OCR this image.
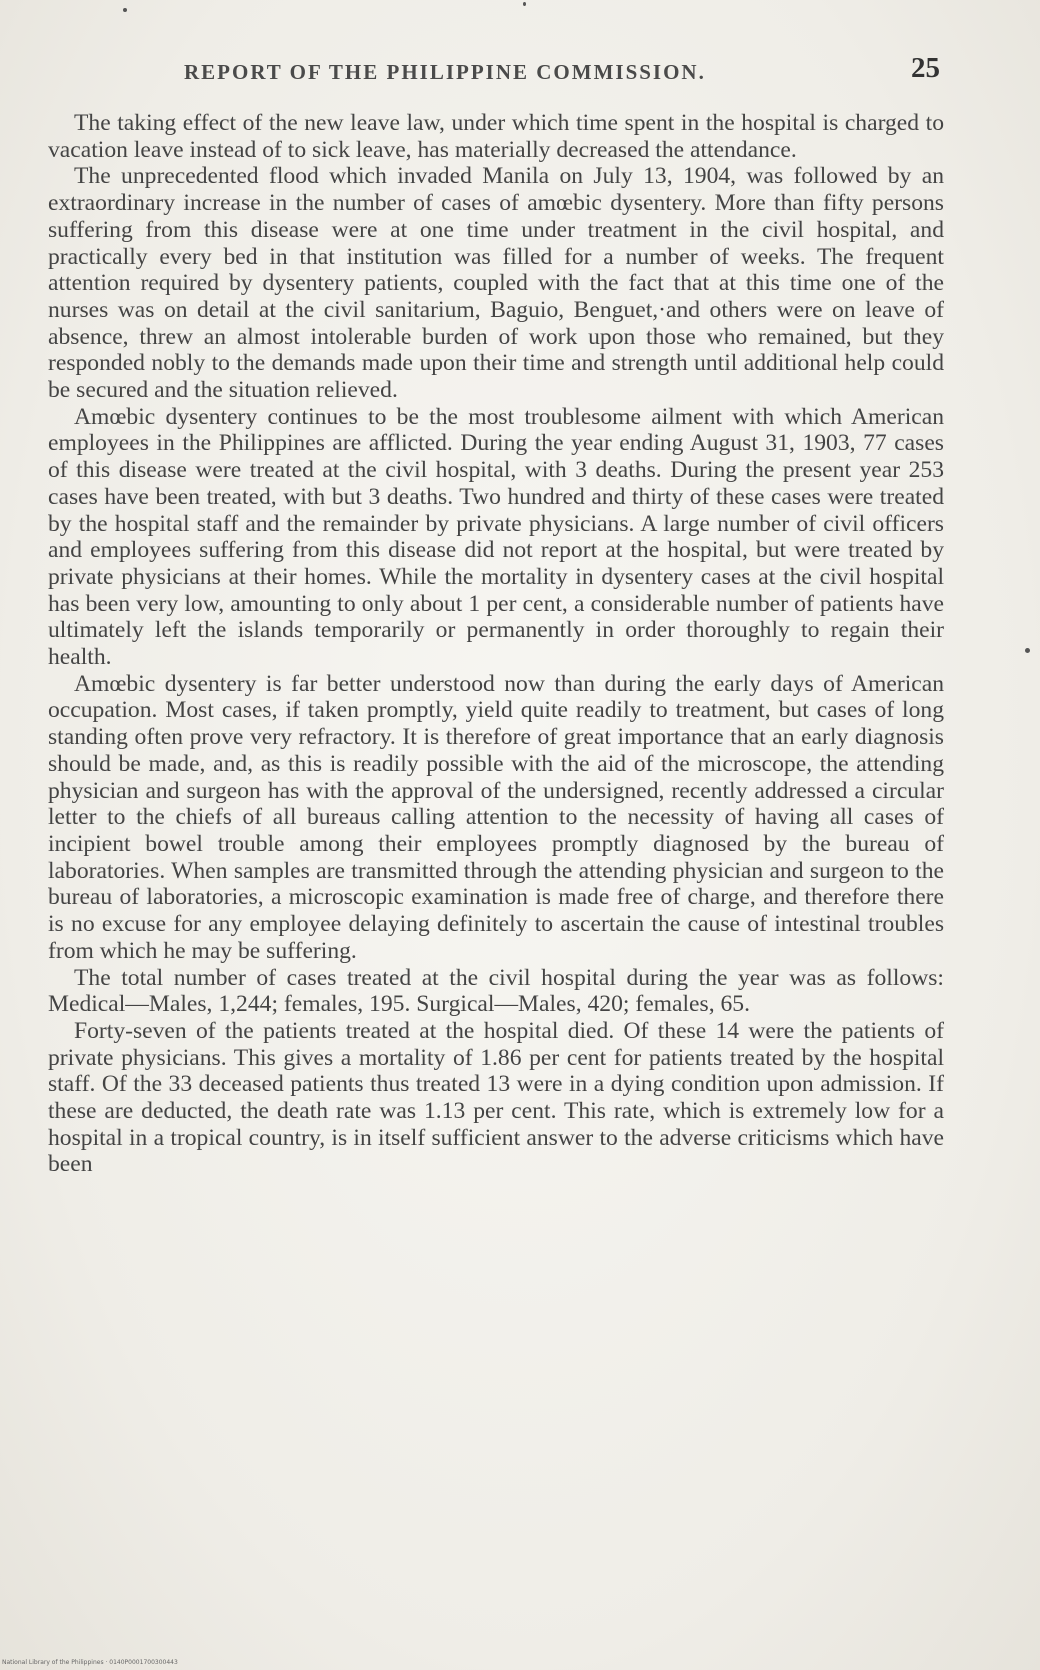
REPORT OF THE PHILIPPINE COMMISSION.	25

The taking effect of the new leave law, under which time spent in the hospital is charged to vacation leave instead of to sick leave, has materially decreased the attendance.

The unprecedented flood which invaded Manila on July 13, 1904, was followed by an extraordinary increase in the number of cases of amœbic dysentery. More than fifty persons suffering from this disease were at one time under treatment in the civil hospital, and practically every bed in that institution was filled for a number of weeks. The frequent attention required by dysentery patients, coupled with the fact that at this time one of the nurses was on detail at the civil sanitarium, Baguio, Benguet,·and others were on leave of absence, threw an almost intolerable burden of work upon those who remained, but they responded nobly to the demands made upon their time and strength until additional help could be secured and the situation relieved.

Amœbic dysentery continues to be the most troublesome ailment with which American employees in the Philippines are afflicted. During the year ending August 31, 1903, 77 cases of this disease were treated at the civil hospital, with 3 deaths. During the present year 253 cases have been treated, with but 3 deaths. Two hundred and thirty of these cases were treated by the hospital staff and the remainder by private physicians. A large number of civil officers and employees suffering from this disease did not report at the hospital, but were treated by private physicians at their homes. While the mortality in dysentery cases at the civil hospital has been very low, amounting to only about 1 per cent, a considerable number of patients have ultimately left the islands temporarily or permanently in order thoroughly to regain their health.

Amœbic dysentery is far better understood now than during the early days of American occupation. Most cases, if taken promptly, yield quite readily to treatment, but cases of long standing often prove very refractory. It is therefore of great importance that an early diagnosis should be made, and, as this is readily possible with the aid of the microscope, the attending physician and surgeon has with the approval of the undersigned, recently addressed a circular letter to the chiefs of all bureaus calling attention to the necessity of having all cases of incipient bowel trouble among their employees promptly diagnosed by the bureau of laboratories. When samples are transmitted through the attending physician and surgeon to the bureau of laboratories, a microscopic examination is made free of charge, and therefore there is no excuse for any employee delaying definitely to ascertain the cause of intestinal troubles from which he may be suffering.

The total number of cases treated at the civil hospital during the year was as follows: Medical—Males, 1,244; females, 195. Surgical—Males, 420; females, 65.

Forty-seven of the patients treated at the hospital died. Of these 14 were the patients of private physicians. This gives a mortality of 1.86 per cent for patients treated by the hospital staff. Of the 33 deceased patients thus treated 13 were in a dying condition upon admission. If these are deducted, the death rate was 1.13 per cent. This rate, which is extremely low for a hospital in a tropical country, is in itself sufficient answer to the adverse criticisms which have been

National Library of the Philippines · 0140P0001700300443
